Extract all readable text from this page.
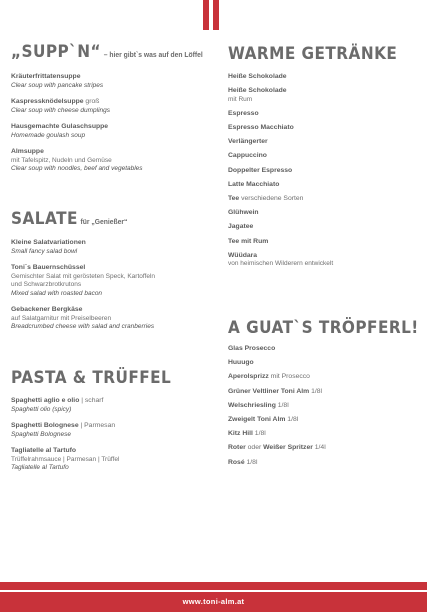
„SUPP`N“ – hier gibt`s was auf den Löffel
Kräuterfrittatensuppe
Clear soup with pancake stripes
Kaspressknödelsuppe groß
Clear soup with cheese dumplings
Hausgemachte Gulaschsuppe
Homemade goulash soup
Almsuppe
mit Tafelspitz, Nudeln und Gemüse
Clear soup with noodles, beef and vegetables
SALATE für „Genießer“
Kleine Salatvariationen
Small fancy salad bowl
Toni`s Bauernschüssel
Gemischter Salat mit gerösteten Speck, Kartoffeln
und Schwarzbrotkrutons
Mixed salad with roasted bacon
Gebackener Bergkäse
auf Salatgarnitur mit Preiselbeeren
Breadcrumbed cheese with salad and cranberries
PASTA & TRÜFFEL
Spaghetti aglio e olio | scharf
Spaghetti olio (spicy)
Spaghetti Bolognese | Parmesan
Spaghetti Bolognese
Tagliatelle al Tartufo
Trüffelrahmsauce | Parmesan | Trüffel
Tagliatelle al Tartufo
WARME GETRÄNKE
Heiße Schokolade
Heiße Schokolade
mit Rum
Espresso
Espresso Macchiato
Verlängerter
Cappuccino
Doppelter Espresso
Latte Macchiato
Tee verschiedene Sorten
Glühwein
Jagatee
Tee mit Rum
Wüüdara
von heimischen Wilderern entwickelt
A GUAT`S TRÖPFERL!
Glas Prosecco
Huuugo
Aperolsprizz mit Prosecco
Grüner Veltliner Toni Alm 1/8l
Welschriesling 1/8l
Zweigelt Toni Alm 1/8l
Kitz Hill 1/8l
Roter oder Weißer Spritzer 1/4l
Rosé 1/8l
www.toni-alm.at
